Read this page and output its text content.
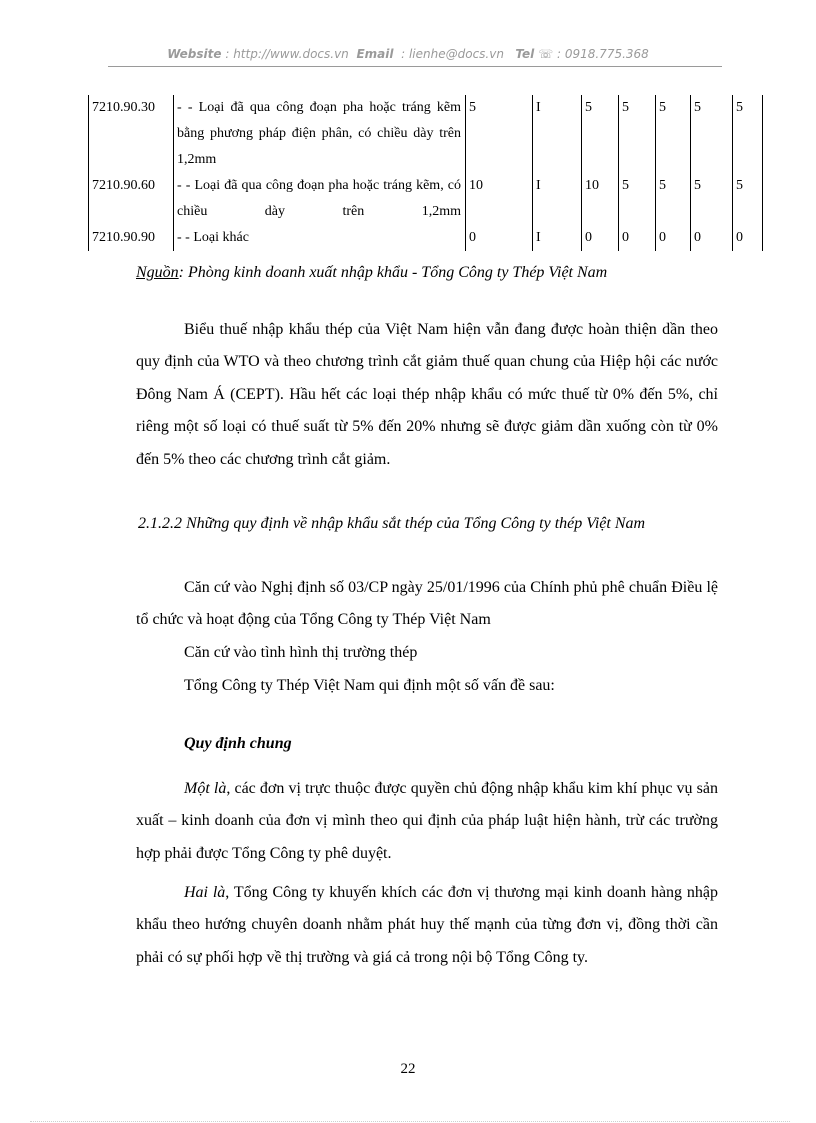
Website : http://www.docs.vn Email : lienhe@docs.vn Tel ☏ : 0918.775.368
7210.90.30	- - Loại đã qua công đoạn pha hoặc tráng kẽm bằng phương pháp điện phân, có chiều dày trên 1,2mm	5	I	5	5	5	5	5
7210.90.60	- - Loại đã qua công đoạn pha hoặc tráng kẽm, có chiều dày trên 1,2mm	10	I	10	5	5	5	5
7210.90.90	- - Loại khác	0	I	0	0	0	0	0
Nguồn: Phòng kinh doanh xuất nhập khẩu - Tổng Công ty Thép Việt Nam
Biểu thuế nhập khẩu thép của Việt Nam hiện vẫn đang được hoàn thiện dần theo quy định của WTO và theo chương trình cắt giảm thuế quan chung của Hiệp hội các nước Đông Nam Á (CEPT). Hầu hết các loại thép nhập khẩu có mức thuế từ 0% đến 5%, chỉ riêng một số loại có thuế suất từ 5% đến 20% nhưng sẽ được giảm dần xuống còn từ 0% đến 5% theo các chương trình cắt giảm.
2.1.2.2 Những quy định về nhập khẩu sắt thép của Tổng Công ty thép Việt Nam
Căn cứ vào Nghị định số 03/CP ngày 25/01/1996 của Chính phủ phê chuẩn Điều lệ tổ chức và hoạt động của Tổng Công ty Thép Việt Nam
Căn cứ vào tình hình thị trường thép
Tổng Công ty Thép Việt Nam qui định một số vấn đề sau:
Quy định chung
Một là, các đơn vị trực thuộc được quyền chủ động nhập khẩu kim khí phục vụ sản xuất – kinh doanh của đơn vị mình theo qui định của pháp luật hiện hành, trừ các trường hợp phải được Tổng Công ty phê duyệt.
Hai là, Tổng Công ty khuyến khích các đơn vị thương mại kinh doanh hàng nhập khẩu theo hướng chuyên doanh nhằm phát huy thế mạnh của từng đơn vị, đồng thời cần phải có sự phối hợp về thị trường và giá cả trong nội bộ Tổng Công ty.
22
